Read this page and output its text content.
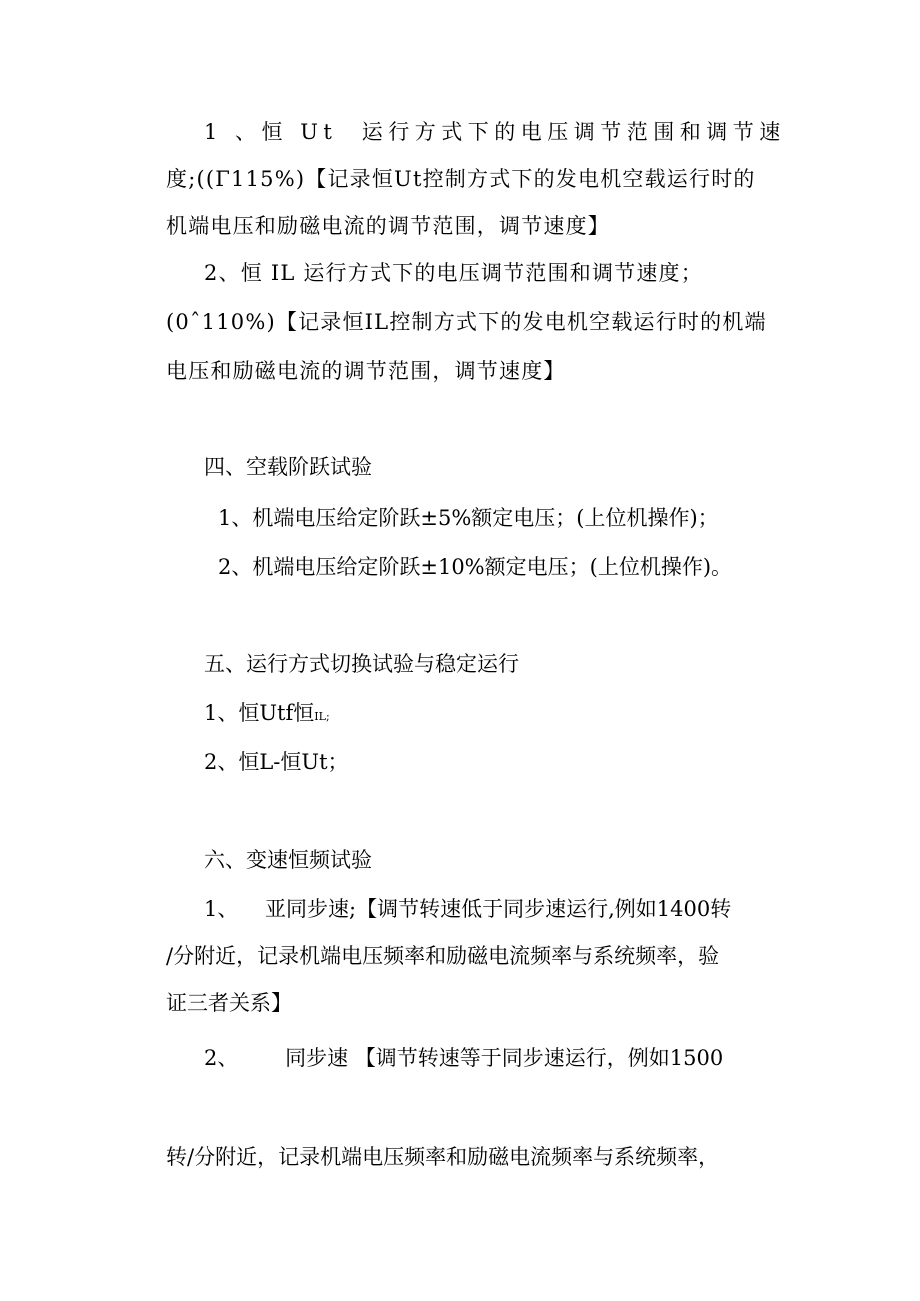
1 、恒 Ut  运行方式下的电压调节范围和调节速

度;((Γ115%)【记录恒Ut控制方式下的发电机空载运行时的

机端电压和励磁电流的调节范围，调节速度】

2、恒 IL 运行方式下的电压调节范围和调节速度；

(0ˆ110%)【记录恒IL控制方式下的发电机空载运行时的机端

电压和励磁电流的调节范围，调节速度】

四、空载阶跃试验

1、机端电压给定阶跃±5%额定电压；(上位机操作)；

2、机端电压给定阶跃±10%额定电压；(上位机操作)。

五、运行方式切换试验与稳定运行

1、恒Utf恒IL;

2、恒L-恒Ut；

六、变速恒频试验

1、    亚同步速;【调节转速低于同步速运行,例如1400转

/分附近，记录机端电压频率和励磁电流频率与系统频率，验

证三者关系】

2、       同步速 【调节转速等于同步速运行，例如1500

转/分附近，记录机端电压频率和励磁电流频率与系统频率，
